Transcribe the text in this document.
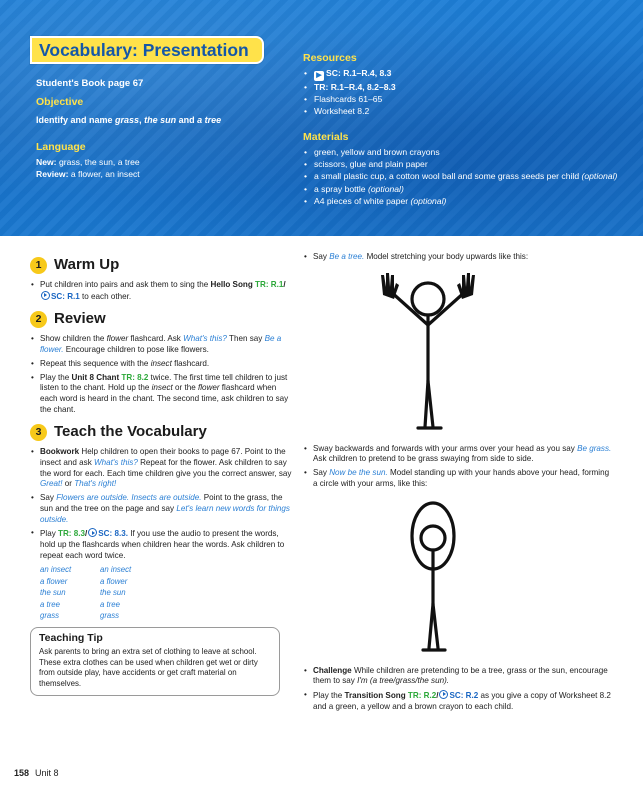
Vocabulary: Presentation
Student's Book page 67
Objective
Identify and name grass, the sun and a tree
Language
New: grass, the sun, a tree
Review: a flower, an insect
Resources
• ▶ SC: R.1–R.4, 8.3
• TR: R.1–R.4, 8.2–8.3
• Flashcards 61–65
• Worksheet 8.2
Materials
• green, yellow and brown crayons
• scissors, glue and plain paper
• a small plastic cup, a cotton wool ball and some grass seeds per child (optional)
• a spray bottle (optional)
• A4 pieces of white paper (optional)
1 Warm Up
• Put children into pairs and ask them to sing the Hello Song TR: R.1/SC: R.1 to each other.
2 Review
• Show children the flower flashcard. Ask What's this? Then say Be a flower. Encourage children to pose like flowers.
• Repeat this sequence with the insect flashcard.
• Play the Unit 8 Chant TR: 8.2 twice. The first time tell children to just listen to the chant. Hold up the insect or the flower flashcard when each word is heard in the chant. The second time, ask children to say the chant.
3 Teach the Vocabulary
• Bookwork Help children to open their books to page 67. Point to the insect and ask What's this? Repeat for the flower. Ask children to say the word for each. Each time children give you the correct answer, say Great! or That's right!
• Say Flowers are outside. Insects are outside. Point to the grass, the sun and the tree on the page and say Let's learn new words for things outside.
• Play TR: 8.3/ SC: 8.3. If you use the audio to present the words, hold up the flashcards when children hear the words. Ask children to repeat each word twice.
an insect	an insect
a flower	a flower
the sun	the sun
a tree	a tree
grass	grass
Teaching Tip

Ask parents to bring an extra set of clothing to leave at school. These extra clothes can be used when children get wet or dirty from outside play, have accidents or get craft material on themselves.

• Say Be a tree. Model stretching your body upwards like this:
• Sway backwards and forwards with your arms over your head as you say Be grass. Ask children to pretend to be grass swaying from side to side.
• Say Now be the sun. Model standing up with your hands above your head, forming a circle with your arms, like this:
• Challenge While children are pretending to be a tree, grass or the sun, encourage them to say I'm (a tree/grass/the sun).
• Play the Transition Song TR: R.2/ SC: R.2 as you give a copy of Worksheet 8.2 and a green, a yellow and a brown crayon to each child.
158 Unit 8
